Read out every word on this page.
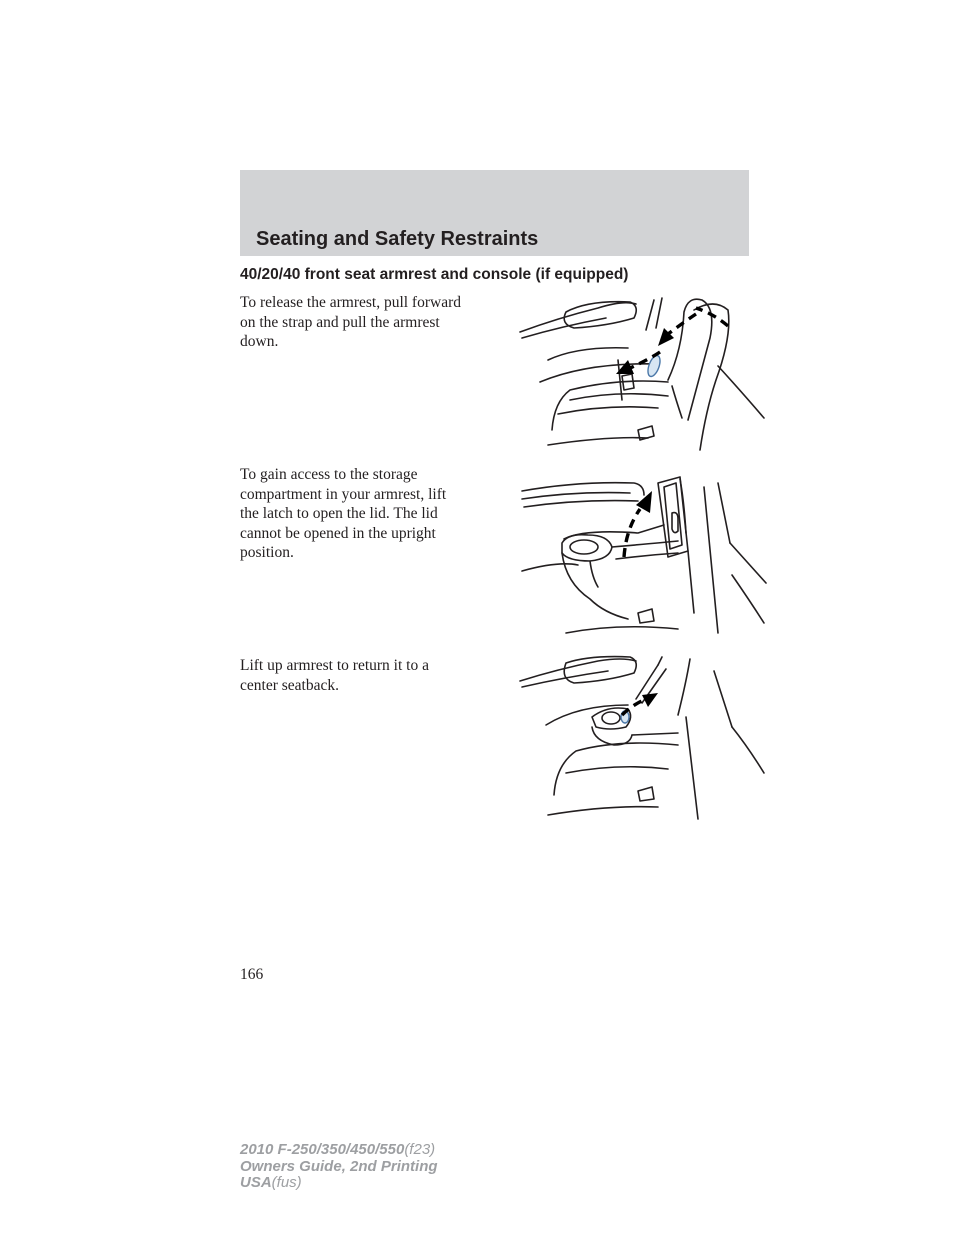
Seating and Safety Restraints
40/20/40 front seat armrest and console (if equipped)
To release the armrest, pull forward
on the strap and pull the armrest
down.
To gain access to the storage
compartment in your armrest, lift
the latch to open the lid. The lid
cannot be opened in the upright
position.
Lift up armrest to return it to a
center seatback.
166
2010 F-250/350/450/550(f23)
Owners Guide, 2nd Printing
USA(fus)
